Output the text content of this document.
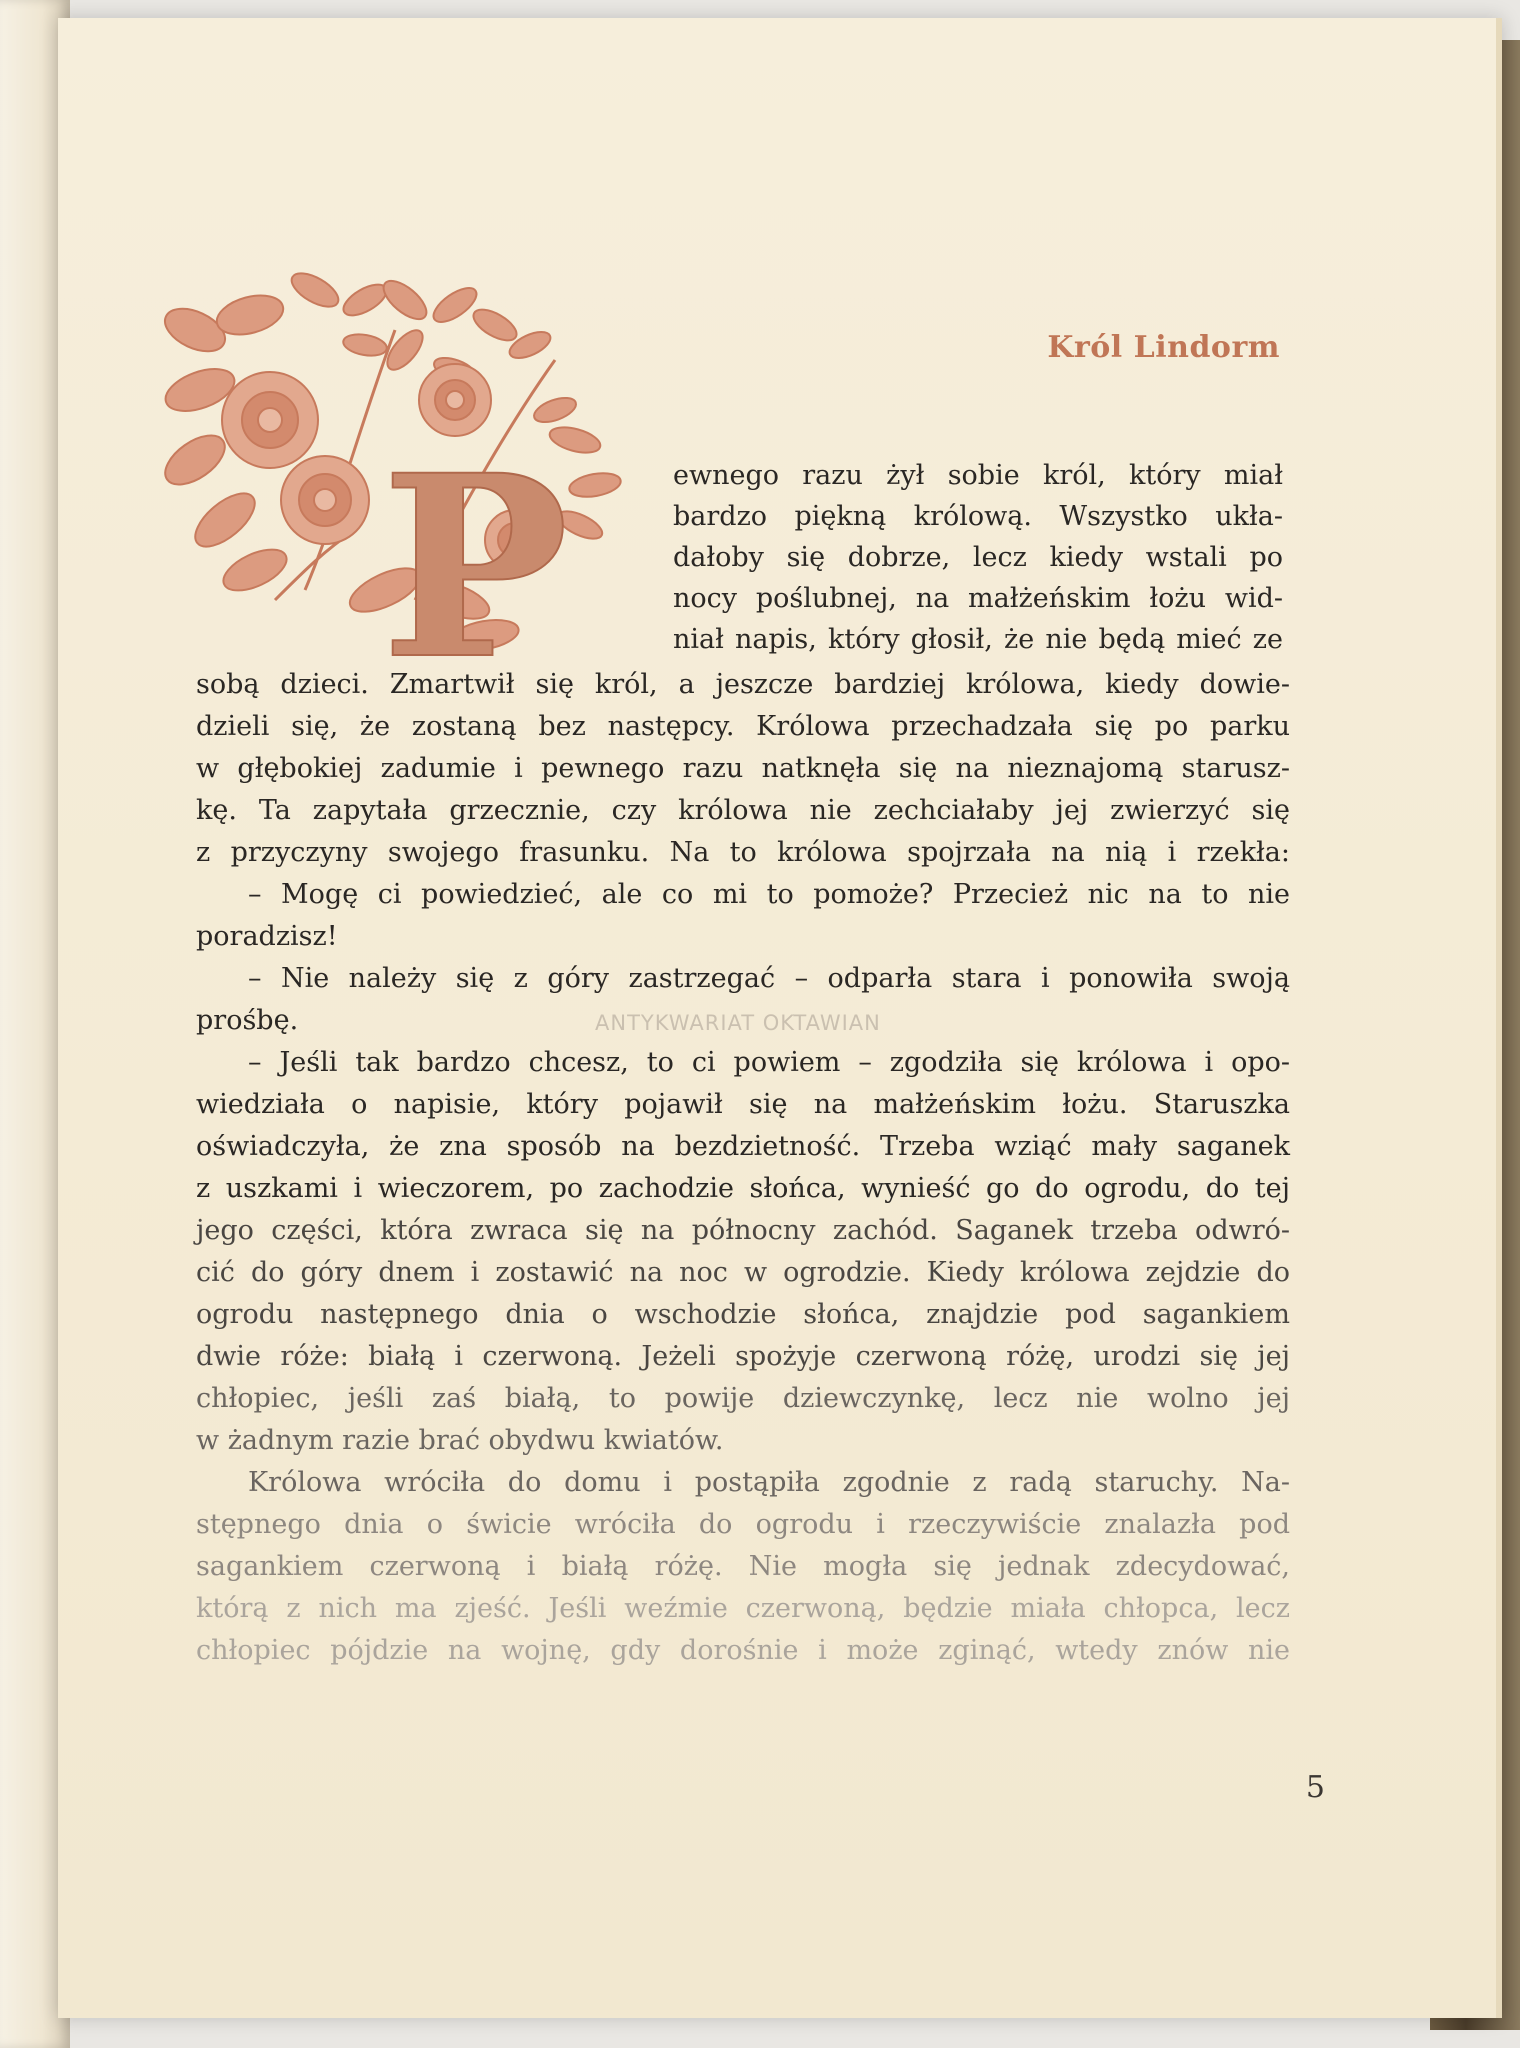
P
Król Lindorm
ewnego razu żył sobie król, który miał
bardzo piękną królową. Wszystko ukła-
dałoby się dobrze, lecz kiedy wstali po
nocy poślubnej, na małżeńskim łożu wid-
niał napis, który głosił, że nie będą mieć ze
sobą dzieci. Zmartwił się król, a jeszcze bardziej królowa, kiedy dowie-
dzieli się, że zostaną bez następcy. Królowa przechadzała się po parku
w głębokiej zadumie i pewnego razu natknęła się na nieznajomą starusz-
kę. Ta zapytała grzecznie, czy królowa nie zechciałaby jej zwierzyć się
z przyczyny swojego frasunku. Na to królowa spojrzała na nią i rzekła:
– Mogę ci powiedzieć, ale co mi to pomoże? Przecież nic na to nie
poradzisz!
– Nie należy się z góry zastrzegać – odparła stara i ponowiła swoją
prośbę.
– Jeśli tak bardzo chcesz, to ci powiem – zgodziła się królowa i opo-
wiedziała o napisie, który pojawił się na małżeńskim łożu. Staruszka
oświadczyła, że zna sposób na bezdzietność. Trzeba wziąć mały saganek
z uszkami i wieczorem, po zachodzie słońca, wynieść go do ogrodu, do tej
jego części, która zwraca się na północny zachód. Saganek trzeba odwró-
cić do góry dnem i zostawić na noc w ogrodzie. Kiedy królowa zejdzie do
ogrodu następnego dnia o wschodzie słońca, znajdzie pod sagankiem
dwie róże: białą i czerwoną. Jeżeli spożyje czerwoną różę, urodzi się jej
chłopiec, jeśli zaś białą, to powije dziewczynkę, lecz nie wolno jej
w żadnym razie brać obydwu kwiatów.
Królowa wróciła do domu i postąpiła zgodnie z radą staruchy. Na-
stępnego dnia o świcie wróciła do ogrodu i rzeczywiście znalazła pod
sagankiem czerwoną i białą różę. Nie mogła się jednak zdecydować,
którą z nich ma zjeść. Jeśli weźmie czerwoną, będzie miała chłopca, lecz
chłopiec pójdzie na wojnę, gdy dorośnie i może zginąć, wtedy znów nie
ANTYKWARIAT OKTAWIAN
5
